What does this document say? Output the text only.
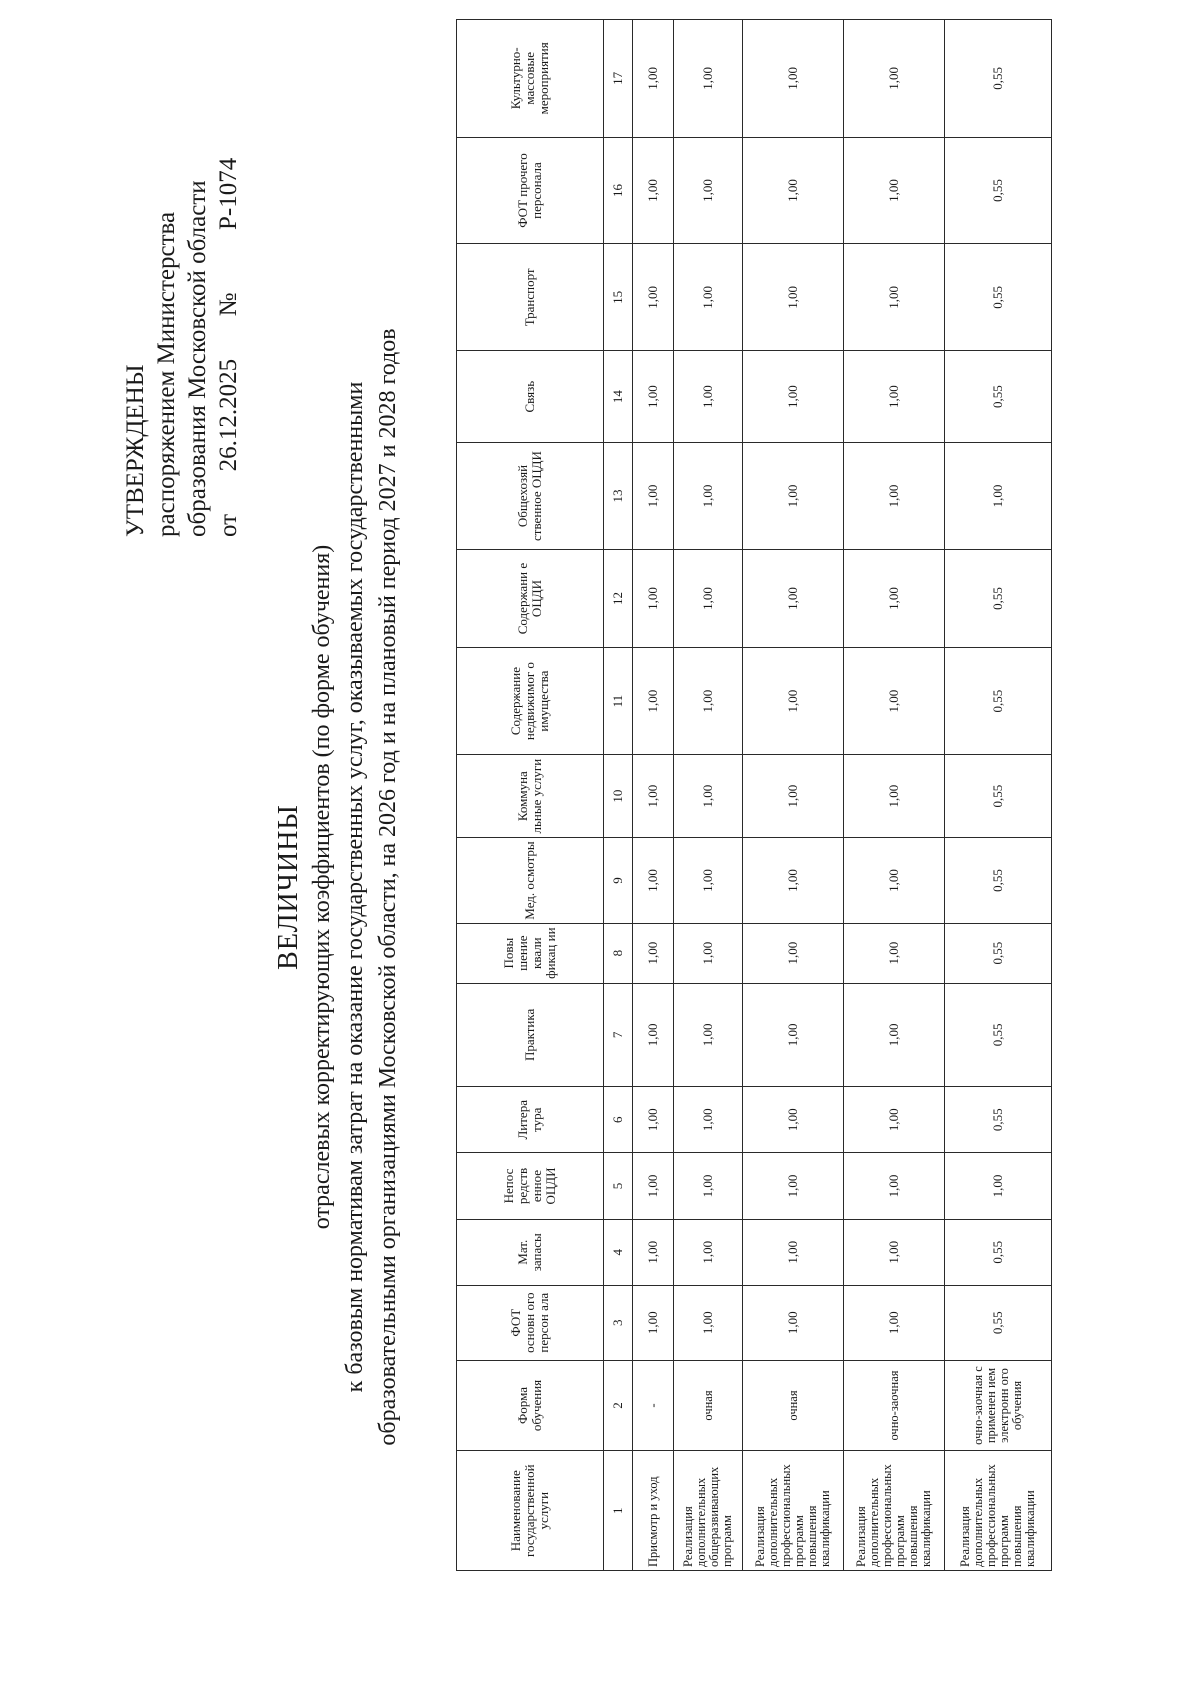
УТВЕРЖДЕНЫ распоряжением Министерства образования Московской области от  26.12.2025  №  Р-1074
ВЕЛИЧИНЫ отраслевых корректирующих коэффициентов (по форме обучения) к базовым нормативам затрат на оказание государственных услуг, оказываемых государственными образовательными организациями Московской области, на 2026 год и на плановый период 2027 и 2028 годов
Наименование государственной услуги	Форма обучения	ФОТ основн ого персон ала	Мат. запасы	Непос редств енное ОЦДИ	Литера тура	Практика	Повы шение квали фикац ии	Мед. осмотры	Коммуна льные услуги	Содержание недвижимог о имущества	Содержани е ОЦДИ	Общехозяй ственное ОЦДИ	Связь	Транспорт	ФОТ прочего персонала	Культурно-массовые мероприятия
1	2	3	4	5	6	7	8	9	10	11	12	13	14	15	16	17
Присмотр и уход	-	1,00	1,00	1,00	1,00	1,00	1,00	1,00	1,00	1,00	1,00	1,00	1,00	1,00	1,00	1,00
Реализация дополнительных общеразвивающих программ	очная	1,00	1,00	1,00	1,00	1,00	1,00	1,00	1,00	1,00	1,00	1,00	1,00	1,00	1,00	1,00
Реализация дополнительных профессиональных программ повышения квалификации	очная	1,00	1,00	1,00	1,00	1,00	1,00	1,00	1,00	1,00	1,00	1,00	1,00	1,00	1,00	1,00
Реализация дополнительных профессиональных программ повышения квалификации	очно-заочная	1,00	1,00	1,00	1,00	1,00	1,00	1,00	1,00	1,00	1,00	1,00	1,00	1,00	1,00	1,00
Реализация дополнительных профессиональных программ повышения квалификации	очно-заочная с применен ием электронн ого обучения	0,55	0,55	1,00	0,55	0,55	0,55	0,55	0,55	0,55	0,55	1,00	0,55	0,55	0,55	0,55
